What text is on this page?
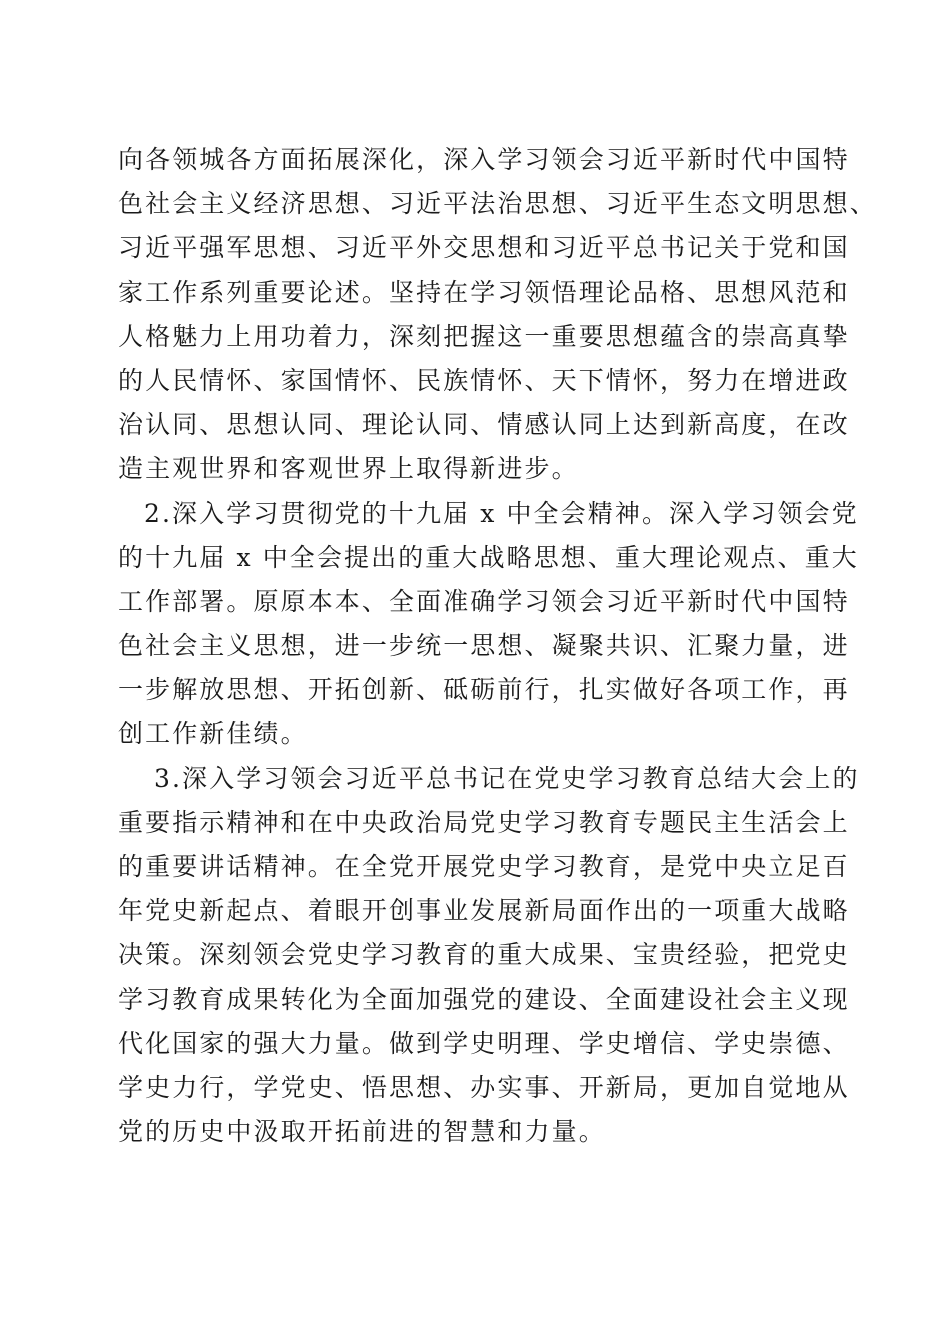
向各领城各方面拓展深化，深入学习领会习近平新时代中国特
色社会主义经济思想、习近平法治思想、习近平生态文明思想、
习近平强军思想、习近平外交思想和习近平总书记关于党和国
家工作系列重要论述。坚持在学习领悟理论品格、思想风范和
人格魅力上用功着力，深刻把握这一重要思想蕴含的崇高真挚
的人民情怀、家国情怀、民族情怀、天下情怀，努力在增进政
治认同、思想认同、理论认同、情感认同上达到新高度，在改
造主观世界和客观世界上取得新进步。
2.深入学习贯彻党的十九届 x 中全会精神。深入学习领会党
的十九届 x 中全会提出的重大战略思想、重大理论观点、重大
工作部署。原原本本、全面准确学习领会习近平新时代中国特
色社会主义思想，进一步统一思想、凝聚共识、汇聚力量，进
一步解放思想、开拓创新、砥砺前行，扎实做好各项工作，再
创工作新佳绩。
3.深入学习领会习近平总书记在党史学习教育总结大会上的
重要指示精神和在中央政治局党史学习教育专题民主生活会上
的重要讲话精神。在全党开展党史学习教育，是党中央立足百
年党史新起点、着眼开创事业发展新局面作出的一项重大战略
决策。深刻领会党史学习教育的重大成果、宝贵经验，把党史
学习教育成果转化为全面加强党的建设、全面建设社会主义现
代化国家的强大力量。做到学史明理、学史增信、学史崇德、
学史力行，学党史、悟思想、办实事、开新局，更加自觉地从
党的历史中汲取开拓前进的智慧和力量。
